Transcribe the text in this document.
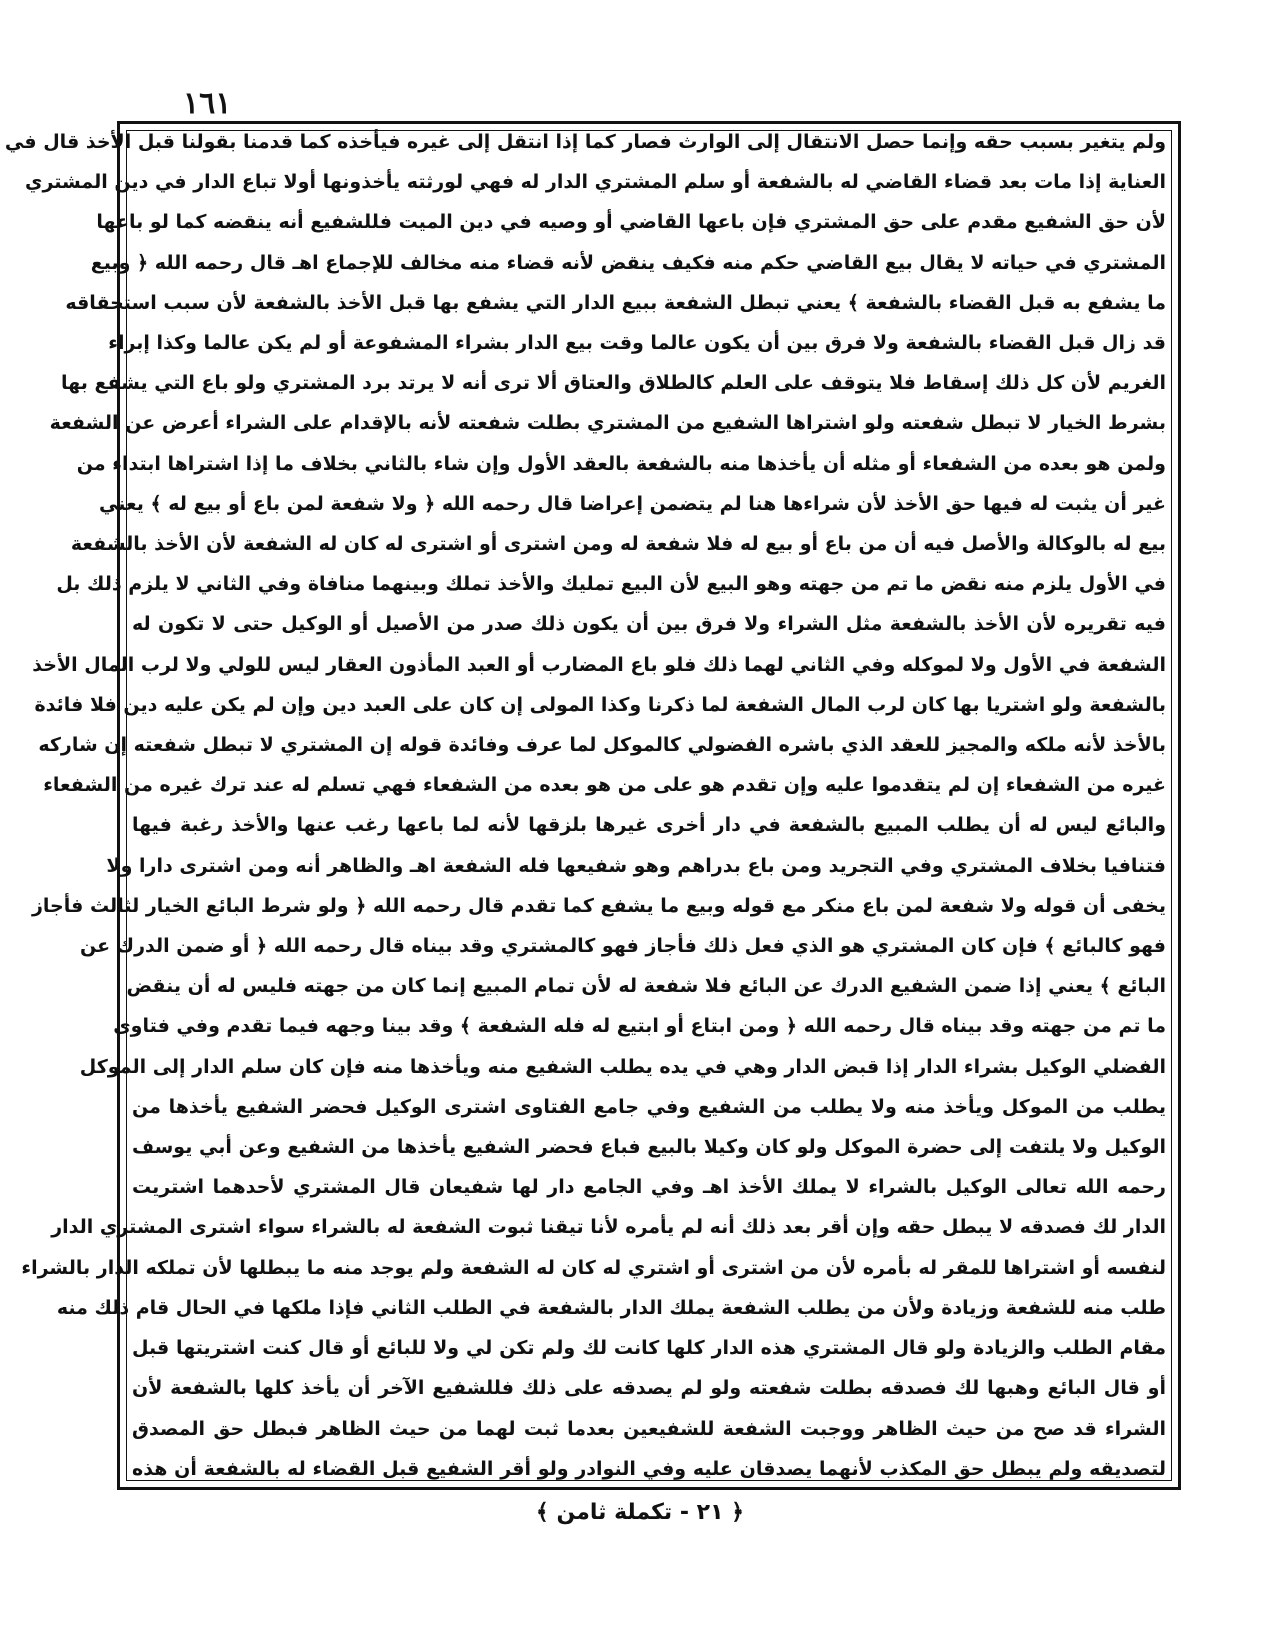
١٦١
ولم يتغير بسبب حقه وإنما حصل الانتقال إلى الوارث فصار كما إذا انتقل إلى غيره فيأخذه كما قدمنا بقولنا قبل الأخذ قال في
العناية إذا مات بعد قضاء القاضي له بالشفعة أو سلم المشتري الدار له فهي لورثته يأخذونها أولا تباع الدار في دين المشتري
لأن حق الشفيع مقدم على حق المشتري فإن باعها القاضي أو وصيه في دين الميت فللشفيع أنه ينقضه كما لو باعها
المشتري في حياته لا يقال بيع القاضي حكم منه فكيف ينقض لأنه قضاء منه مخالف للإجماع اهـ قال رحمه الله ﴿ وبيع
ما يشفع به قبل القضاء بالشفعة ﴾ يعني تبطل الشفعة ببيع الدار التي يشفع بها قبل الأخذ بالشفعة لأن سبب استحقاقه
قد زال قبل القضاء بالشفعة ولا فرق بين أن يكون عالما وقت بيع الدار بشراء المشفوعة أو لم يكن عالما وكذا إبراء
الغريم لأن كل ذلك إسقاط فلا يتوقف على العلم كالطلاق والعتاق ألا ترى أنه لا يرتد برد المشتري ولو باع التي يشفع بها
بشرط الخيار لا تبطل شفعته ولو اشتراها الشفيع من المشتري بطلت شفعته لأنه بالإقدام على الشراء أعرض عن الشفعة
ولمن هو بعده من الشفعاء أو مثله أن يأخذها منه بالشفعة بالعقد الأول وإن شاء بالثاني بخلاف ما إذا اشتراها ابتداء من
غير أن يثبت له فيها حق الأخذ لأن شراءها هنا لم يتضمن إعراضا قال رحمه الله ﴿ ولا شفعة لمن باع أو بيع له ﴾ يعني
بيع له بالوكالة والأصل فيه أن من باع أو بيع له فلا شفعة له ومن اشترى أو اشترى له كان له الشفعة لأن الأخذ بالشفعة
في الأول يلزم منه نقض ما تم من جهته وهو البيع لأن البيع تمليك والأخذ تملك وبينهما منافاة وفي الثاني لا يلزم ذلك بل
فيه تقريره لأن الأخذ بالشفعة مثل الشراء ولا فرق بين أن يكون ذلك صدر من الأصيل أو الوكيل حتى لا تكون له
الشفعة في الأول ولا لموكله وفي الثاني لهما ذلك فلو باع المضارب أو العبد المأذون العقار ليس للولي ولا لرب المال الأخذ
بالشفعة ولو اشتريا بها كان لرب المال الشفعة لما ذكرنا وكذا المولى إن كان على العبد دين وإن لم يكن عليه دين فلا فائدة
بالأخذ لأنه ملكه والمجيز للعقد الذي باشره الفضولي كالموكل لما عرف وفائدة قوله إن المشتري لا تبطل شفعته إن شاركه
غيره من الشفعاء إن لم يتقدموا عليه وإن تقدم هو على من هو بعده من الشفعاء فهي تسلم له عند ترك غيره من الشفعاء
والبائع ليس له أن يطلب المبيع بالشفعة في دار أخرى غيرها بلزقها لأنه لما باعها رغب عنها والأخذ رغبة فيها
فتنافيا بخلاف المشتري وفي التجريد ومن باع بدراهم وهو شفيعها فله الشفعة اهـ والظاهر أنه ومن اشترى دارا ولا
يخفى أن قوله ولا شفعة لمن باع منكر مع قوله وبيع ما يشفع كما تقدم قال رحمه الله ﴿ ولو شرط البائع الخيار لثالث فأجاز
فهو كالبائع ﴾ فإن كان المشتري هو الذي فعل ذلك فأجاز فهو كالمشتري وقد بيناه قال رحمه الله ﴿ أو ضمن الدرك عن
البائع ﴾ يعني إذا ضمن الشفيع الدرك عن البائع فلا شفعة له لأن تمام المبيع إنما كان من جهته فليس له أن ينقض
ما تم من جهته وقد بيناه قال رحمه الله ﴿ ومن ابتاع أو ابتيع له فله الشفعة ﴾ وقد بينا وجهه فيما تقدم وفي فتاوى
الفضلي الوكيل بشراء الدار إذا قبض الدار وهي في يده يطلب الشفيع منه ويأخذها منه فإن كان سلم الدار إلى الموكل
يطلب من الموكل ويأخذ منه ولا يطلب من الشفيع وفي جامع الفتاوى اشترى الوكيل فحضر الشفيع يأخذها من
الوكيل ولا يلتفت إلى حضرة الموكل ولو كان وكيلا بالبيع فباع فحضر الشفيع يأخذها من الشفيع وعن أبي يوسف
رحمه الله تعالى الوكيل بالشراء لا يملك الأخذ اهـ وفي الجامع دار لها شفيعان قال المشتري لأحدهما اشتريت
الدار لك فصدقه لا يبطل حقه وإن أقر بعد ذلك أنه لم يأمره لأنا تيقنا ثبوت الشفعة له بالشراء سواء اشترى المشتري الدار
لنفسه أو اشتراها للمقر له بأمره لأن من اشترى أو اشتري له كان له الشفعة ولم يوجد منه ما يبطلها لأن تملكه الدار بالشراء
طلب منه للشفعة وزيادة ولأن من يطلب الشفعة يملك الدار بالشفعة في الطلب الثاني فإذا ملكها في الحال قام ذلك منه
مقام الطلب والزيادة ولو قال المشتري هذه الدار كلها كانت لك ولم تكن لي ولا للبائع أو قال كنت اشتريتها قبل
أو قال البائع وهبها لك فصدقه بطلت شفعته ولو لم يصدقه على ذلك فللشفيع الآخر أن يأخذ كلها بالشفعة لأن
الشراء قد صح من حيث الظاهر ووجبت الشفعة للشفيعين بعدما ثبت لهما من حيث الظاهر فبطل حق المصدق
لتصديقه ولم يبطل حق المكذب لأنهما يصدقان عليه وفي النوادر ولو أقر الشفيع قبل القضاء له بالشفعة أن هذه
﴿ ٢١ - تكملة ثامن ﴾
